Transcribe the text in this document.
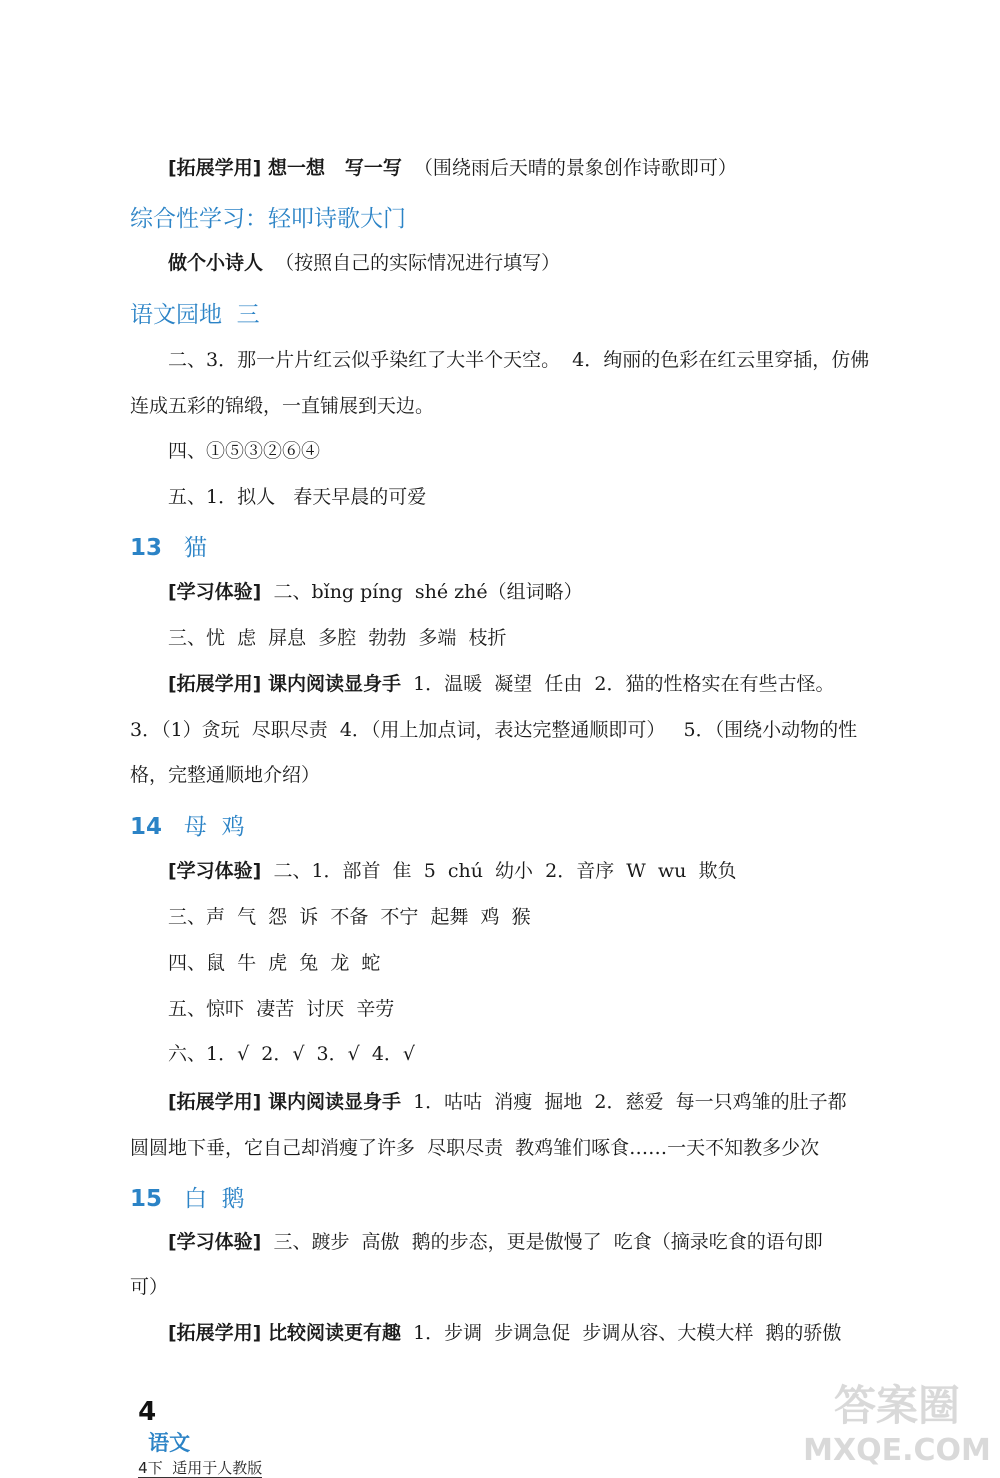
[拓展学用] 想一想   写一写  （围绕雨后天晴的景象创作诗歌即可）
综合性学习：轻叩诗歌大门
做个小诗人  （按照自己的实际情况进行填写）
语文园地  三
二、3．那一片片红云似乎染红了大半个天空。  4．绚丽的色彩在红云里穿插，仿佛
连成五彩的锦缎，一直铺展到天边。
四、①⑤③②⑥④
五、1．拟人   春天早晨的可爱
13 猫
[学习体验]  二、bǐng píng  shé zhé（组词略）
三、忧  虑  屏息  多腔  勃勃  多端  枝折
[拓展学用] 课内阅读显身手  1．温暖  凝望  任由  2．猫的性格实在有些古怪。
3．（1）贪玩  尽职尽责  4．（用上加点词，表达完整通顺即可）   5．（围绕小动物的性
格，完整通顺地介绍）
14 母  鸡
[学习体验]  二、1．部首  隹  5  chú  幼小  2．音序  W  wu  欺负
三、声  气  怨  诉  不备  不宁  起舞  鸡  猴
四、鼠  牛  虎  兔  龙  蛇
五、惊吓  凄苦  讨厌  辛劳
六、1．√  2．√  3．√  4．√
[拓展学用] 课内阅读显身手  1．咕咕  消瘦  掘地  2．慈爱  每一只鸡雏的肚子都
圆圆地下垂，它自己却消瘦了许多  尽职尽责  教鸡雏们啄食……一天不知教多少次
15 白  鹅
[学习体验]  三、踱步  高傲  鹅的步态，更是傲慢了  吃食（摘录吃食的语句即
可）
[拓展学用] 比较阅读更有趣  1．步调  步调急促  步调从容、大模大样  鹅的骄傲

4
语文
4下  适用于人教版

答案圈
MXQE.COM
